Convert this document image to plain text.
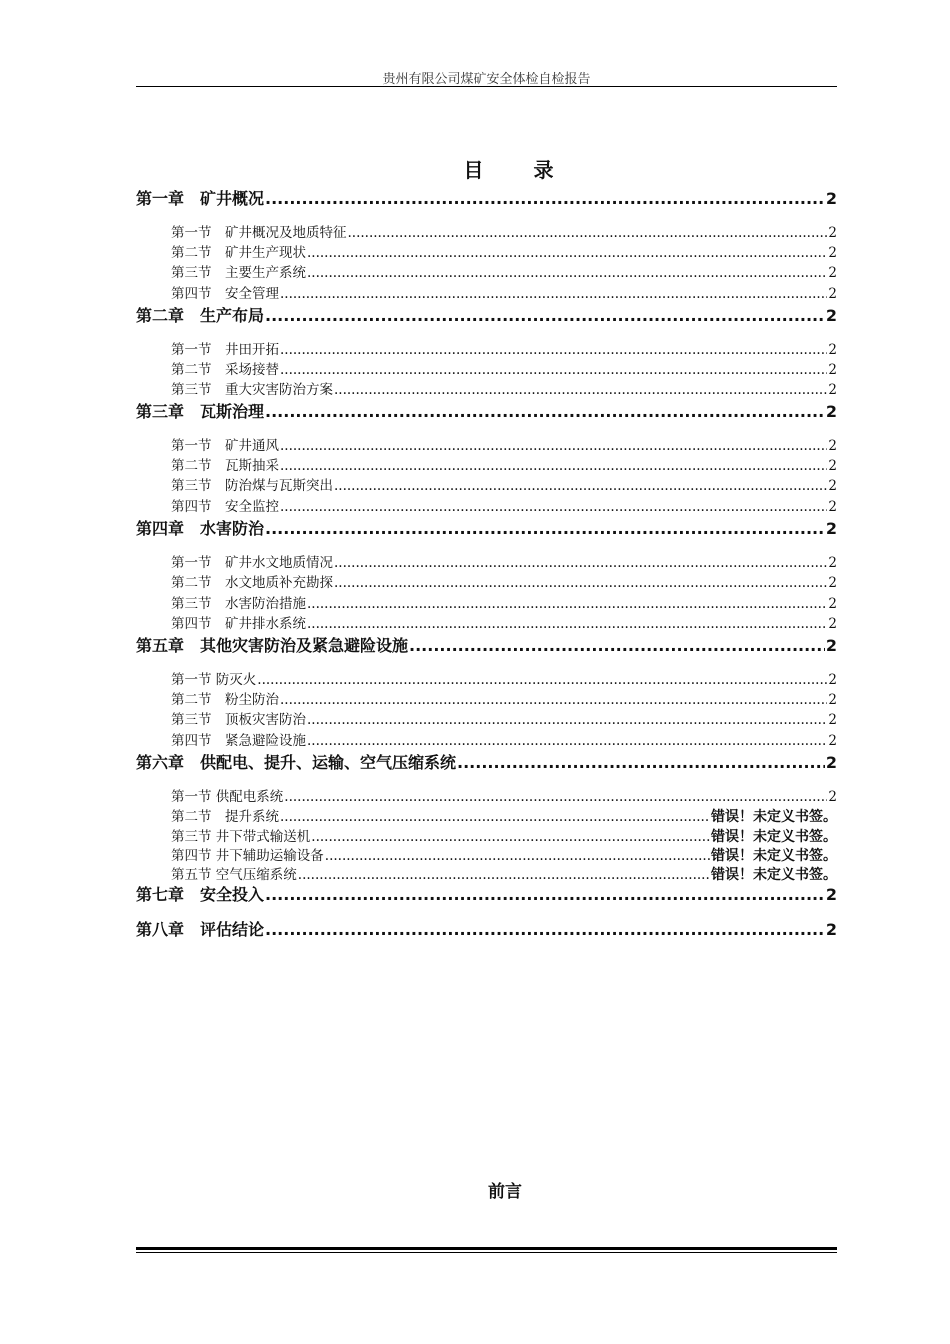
贵州有限公司煤矿安全体检自检报告
目 录
第一章　矿井概况 .....	2
第一节　矿井概况及地质特征 .....	2
第二节　矿井生产现状 .....	2
第三节　主要生产系统 .....	2
第四节　安全管理 .....	2
第二章　生产布局 .....	2
第一节　井田开拓 .....	2
第二节　采场接替 .....	2
第三节　重大灾害防治方案 .....	2
第三章　瓦斯治理 .....	2
第一节　矿井通风 .....	2
第二节　瓦斯抽采 .....	2
第三节　防治煤与瓦斯突出 .....	2
第四节　安全监控 .....	2
第四章　水害防治 .....	2
第一节　矿井水文地质情况 .....	2
第二节　水文地质补充勘探 .....	2
第三节　水害防治措施 .....	2
第四节　矿井排水系统 .....	2
第五章　其他灾害防治及紧急避险设施 .....	2
第一节 防灭火 .....	2
第二节　粉尘防治 .....	2
第三节　顶板灾害防治 .....	2
第四节　紧急避险设施 .....	2
第六章　供配电、提升、运输、空气压缩系统 .....	2
第一节 供配电系统 .....	2
第二节　提升系统 .....	错误！未定义书签。
第三节 井下带式输送机 .....	错误！未定义书签。
第四节 井下辅助运输设备 .....	错误！未定义书签。
第五节 空气压缩系统 .....	错误！未定义书签。
第七章　安全投入 .....	2
第八章　评估结论 .....	2
前言
